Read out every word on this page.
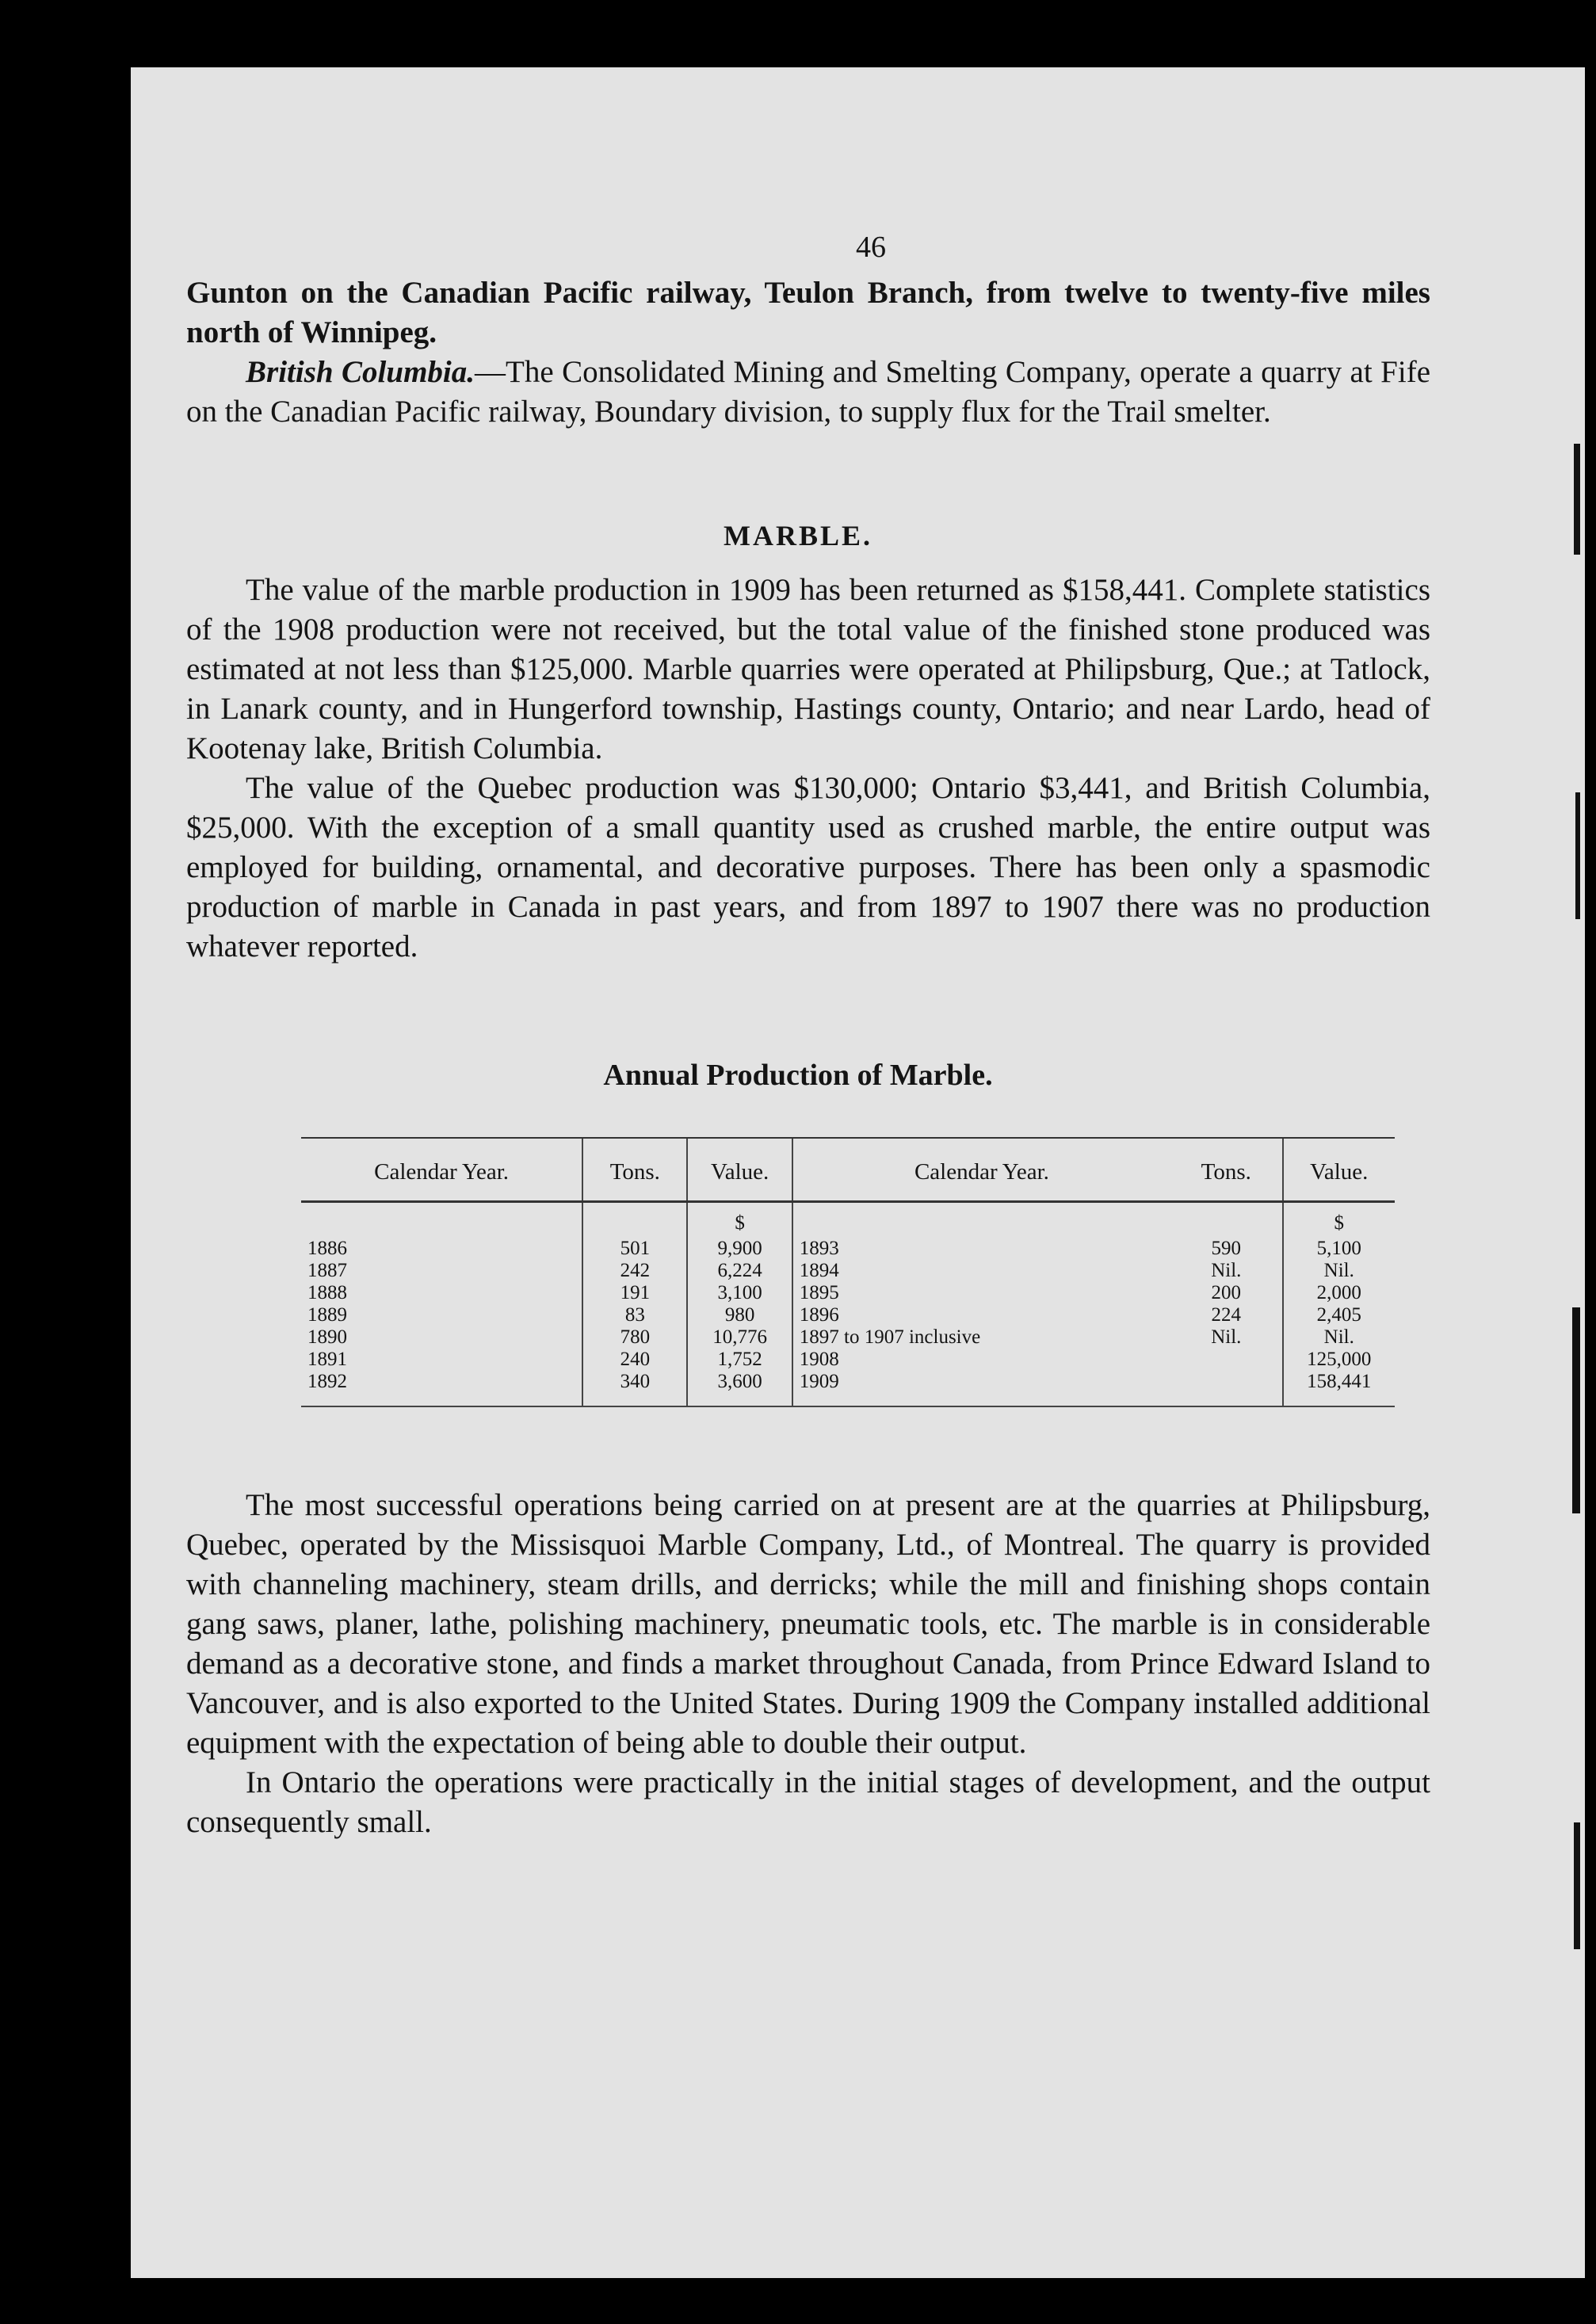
46

Gunton on the Canadian Pacific railway, Teulon Branch, from twelve to twenty-five miles north of Winnipeg.

British Columbia.—The Consolidated Mining and Smelting Company, operate a quarry at Fife on the Canadian Pacific railway, Boundary division, to supply flux for the Trail smelter.

MARBLE.

The value of the marble production in 1909 has been returned as $158,441. Complete statistics of the 1908 production were not received, but the total value of the finished stone produced was estimated at not less than $125,000. Marble quarries were operated at Philipsburg, Que.; at Tatlock, in Lanark county, and in Hungerford township, Hastings county, Ontario; and near Lardo, head of Kootenay lake, British Columbia.

The value of the Quebec production was $130,000; Ontario $3,441, and British Columbia, $25,000. With the exception of a small quantity used as crushed marble, the entire output was employed for building, ornamental, and decorative purposes. There has been only a spasmodic production of marble in Canada in past years, and from 1897 to 1907 there was no production whatever reported.

Annual Production of Marble.
Calendar Year.	Tons.	Value.	Calendar Year.	Tons.	Value.
		$			$
1886	501	9,900	1893	590	5,100
1887	242	6,224	1894	Nil.	Nil.
1888	191	3,100	1895	200	2,000
1889	83	980	1896	224	2,405
1890	780	10,776	1897 to 1907 inclusive	Nil.	Nil.
1891	240	1,752	1908		125,000
1892	340	3,600	1909		158,441

The most successful operations being carried on at present are at the quarries at Philipsburg, Quebec, operated by the Missisquoi Marble Company, Ltd., of Montreal. The quarry is provided with channeling machinery, steam drills, and derricks; while the mill and finishing shops contain gang saws, planer, lathe, polishing machinery, pneumatic tools, etc. The marble is in considerable demand as a decorative stone, and finds a market throughout Canada, from Prince Edward Island to Vancouver, and is also exported to the United States. During 1909 the Company installed additional equipment with the expectation of being able to double their output.

In Ontario the operations were practically in the initial stages of development, and the output consequently small.
